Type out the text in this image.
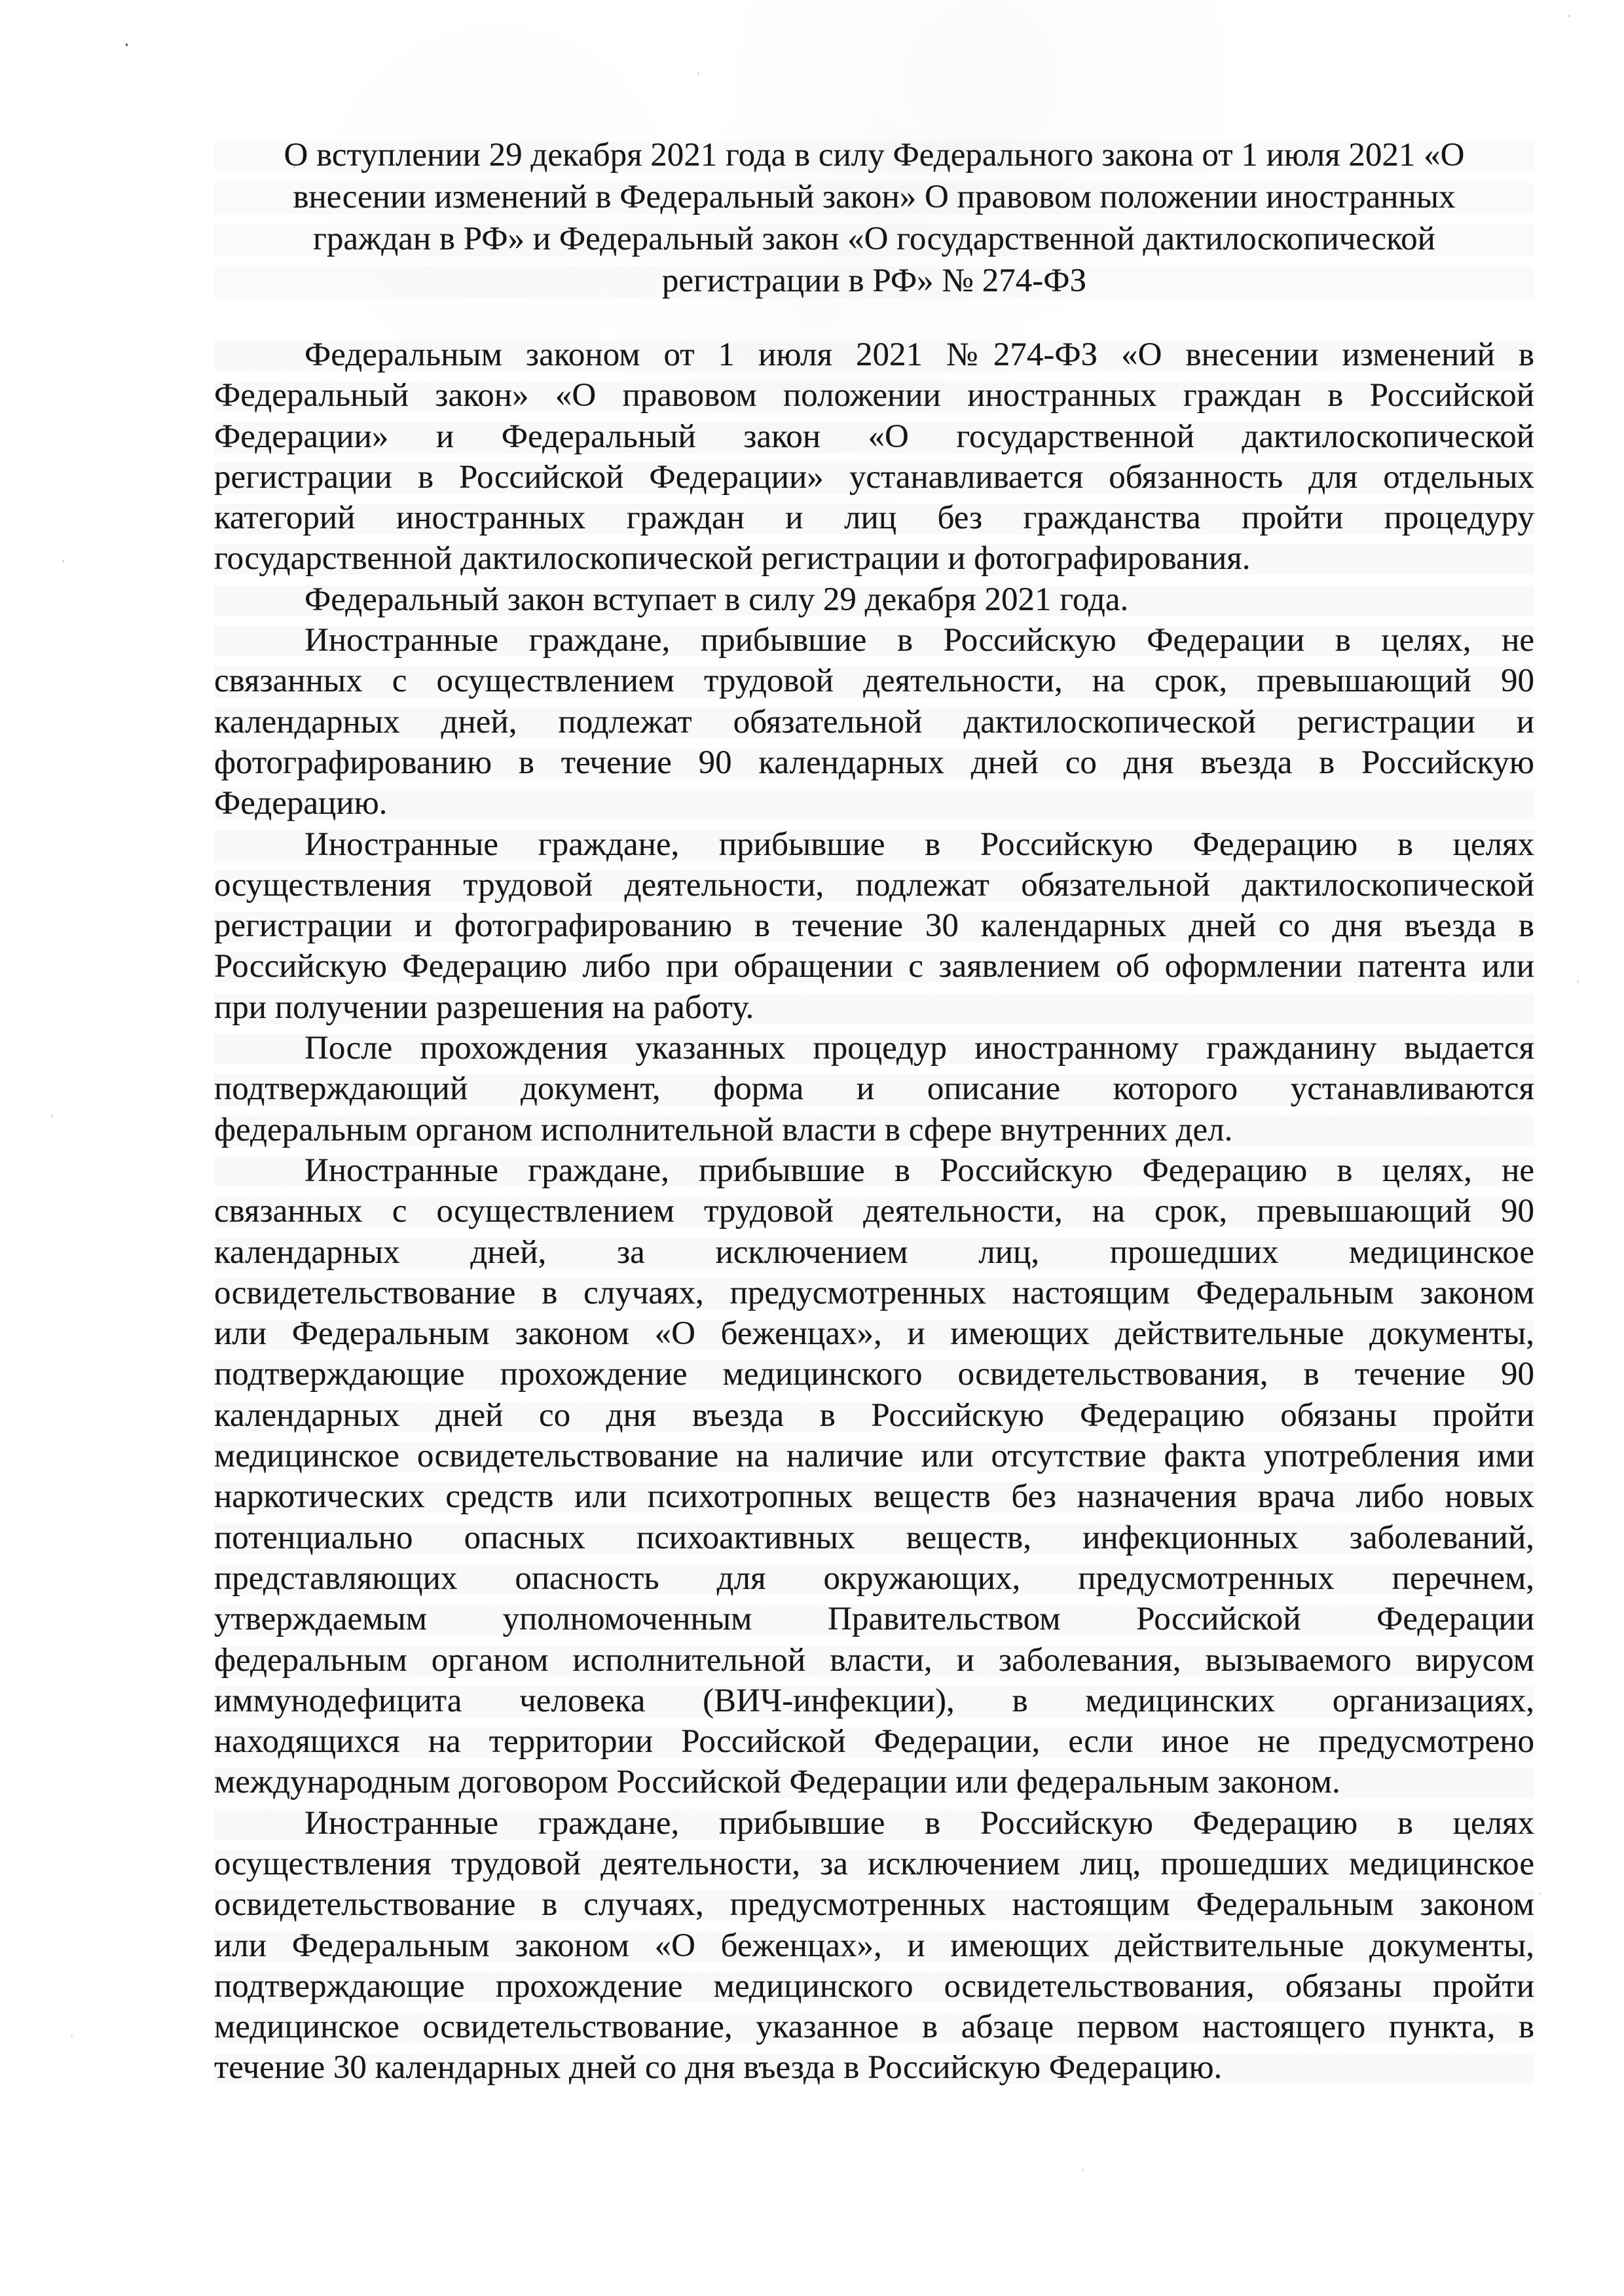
О вступлении 29 декабря 2021 года в силу Федерального закона от 1 июля 2021 «О
внесении изменений в Федеральный закон» О правовом положении иностранных
граждан в РФ» и Федеральный закон «О государственной дактилоскопической
регистрации в РФ» № 274-ФЗ
Федеральным законом от 1 июля 2021 №274-ФЗ «О внесении изменений в
Федеральный закон» «О правовом положении иностранных граждан в Российской
Федерации» и Федеральный закон «О государственной дактилоскопической
регистрации в Российской Федерации» устанавливается обязанность для отдельных
категорий иностранных граждан и лиц без гражданства пройти процедуру
государственной дактилоскопической регистрации и фотографирования.
Федеральный закон вступает в силу 29 декабря 2021 года.
Иностранные граждане, прибывшие в Российскую Федерации в целях, не
связанных с осуществлением трудовой деятельности, на срок, превышающий 90
календарных дней, подлежат обязательной дактилоскопической регистрации и
фотографированию в течение 90 календарных дней со дня въезда в Российскую
Федерацию.
Иностранные граждане, прибывшие в Российскую Федерацию в целях
осуществления трудовой деятельности, подлежат обязательной дактилоскопической
регистрации и фотографированию в течение 30 календарных дней со дня въезда в
Российскую Федерацию либо при обращении с заявлением об оформлении патента или
при получении разрешения на работу.
После прохождения указанных процедур иностранному гражданину выдается
подтверждающий документ, форма и описание которого устанавливаются
федеральным органом исполнительной власти в сфере внутренних дел.
Иностранные граждане, прибывшие в Российскую Федерацию в целях, не
связанных с осуществлением трудовой деятельности, на срок, превышающий 90
календарных дней, за исключением лиц, прошедших медицинское
освидетельствование в случаях, предусмотренных настоящим Федеральным законом
или Федеральным законом «О беженцах», и имеющих действительные документы,
подтверждающие прохождение медицинского освидетельствования, в течение 90
календарных дней со дня въезда в Российскую Федерацию обязаны пройти
медицинское освидетельствование на наличие или отсутствие факта употребления ими
наркотических средств или психотропных веществ без назначения врача либо новых
потенциально опасных психоактивных веществ, инфекционных заболеваний,
представляющих опасность для окружающих, предусмотренных перечнем,
утверждаемым уполномоченным Правительством Российской Федерации
федеральным органом исполнительной власти, и заболевания, вызываемого вирусом
иммунодефицита человека (ВИЧ-инфекции), в медицинских организациях,
находящихся на территории Российской Федерации, если иное не предусмотрено
международным договором Российской Федерации или федеральным законом.
Иностранные граждане, прибывшие в Российскую Федерацию в целях
осуществления трудовой деятельности, за исключением лиц, прошедших медицинское
освидетельствование в случаях, предусмотренных настоящим Федеральным законом
или Федеральным законом «О беженцах», и имеющих действительные документы,
подтверждающие прохождение медицинского освидетельствования, обязаны пройти
медицинское освидетельствование, указанное в абзаце первом настоящего пункта, в
течение 30 календарных дней со дня въезда в Российскую Федерацию.
